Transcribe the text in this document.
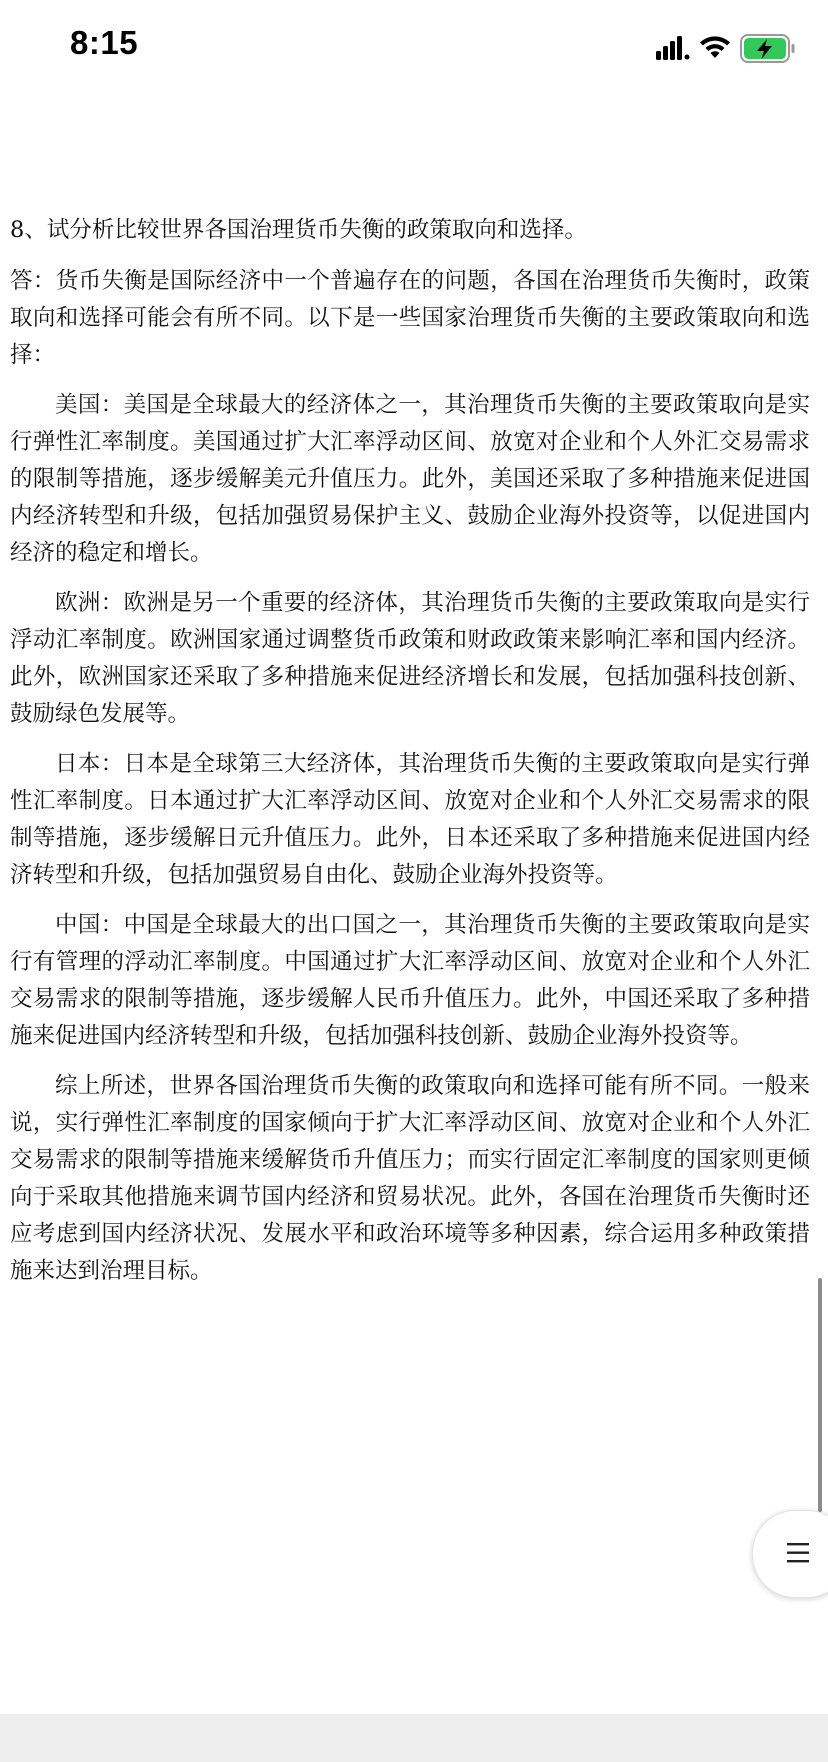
8:15

8、试分析比较世界各国治理货币失衡的政策取向和选择。

答：货币失衡是国际经济中一个普遍存在的问题，各国在治理货币失衡时，政策取向和选择可能会有所不同。以下是一些国家治理货币失衡的主要政策取向和选择：

美国：美国是全球最大的经济体之一，其治理货币失衡的主要政策取向是实行弹性汇率制度。美国通过扩大汇率浮动区间、放宽对企业和个人外汇交易需求的限制等措施，逐步缓解美元升值压力。此外，美国还采取了多种措施来促进国内经济转型和升级，包括加强贸易保护主义、鼓励企业海外投资等，以促进国内经济的稳定和增长。

欧洲：欧洲是另一个重要的经济体，其治理货币失衡的主要政策取向是实行浮动汇率制度。欧洲国家通过调整货币政策和财政政策来影响汇率和国内经济。此外，欧洲国家还采取了多种措施来促进经济增长和发展，包括加强科技创新、鼓励绿色发展等。

日本：日本是全球第三大经济体，其治理货币失衡的主要政策取向是实行弹性汇率制度。日本通过扩大汇率浮动区间、放宽对企业和个人外汇交易需求的限制等措施，逐步缓解日元升值压力。此外，日本还采取了多种措施来促进国内经济转型和升级，包括加强贸易自由化、鼓励企业海外投资等。

中国：中国是全球最大的出口国之一，其治理货币失衡的主要政策取向是实行有管理的浮动汇率制度。中国通过扩大汇率浮动区间、放宽对企业和个人外汇交易需求的限制等措施，逐步缓解人民币升值压力。此外，中国还采取了多种措施来促进国内经济转型和升级，包括加强科技创新、鼓励企业海外投资等。

综上所述，世界各国治理货币失衡的政策取向和选择可能有所不同。一般来说，实行弹性汇率制度的国家倾向于扩大汇率浮动区间、放宽对企业和个人外汇交易需求的限制等措施来缓解货币升值压力；而实行固定汇率制度的国家则更倾向于采取其他措施来调节国内经济和贸易状况。此外，各国在治理货币失衡时还应考虑到国内经济状况、发展水平和政治环境等多种因素，综合运用多种政策措施来达到治理目标。
